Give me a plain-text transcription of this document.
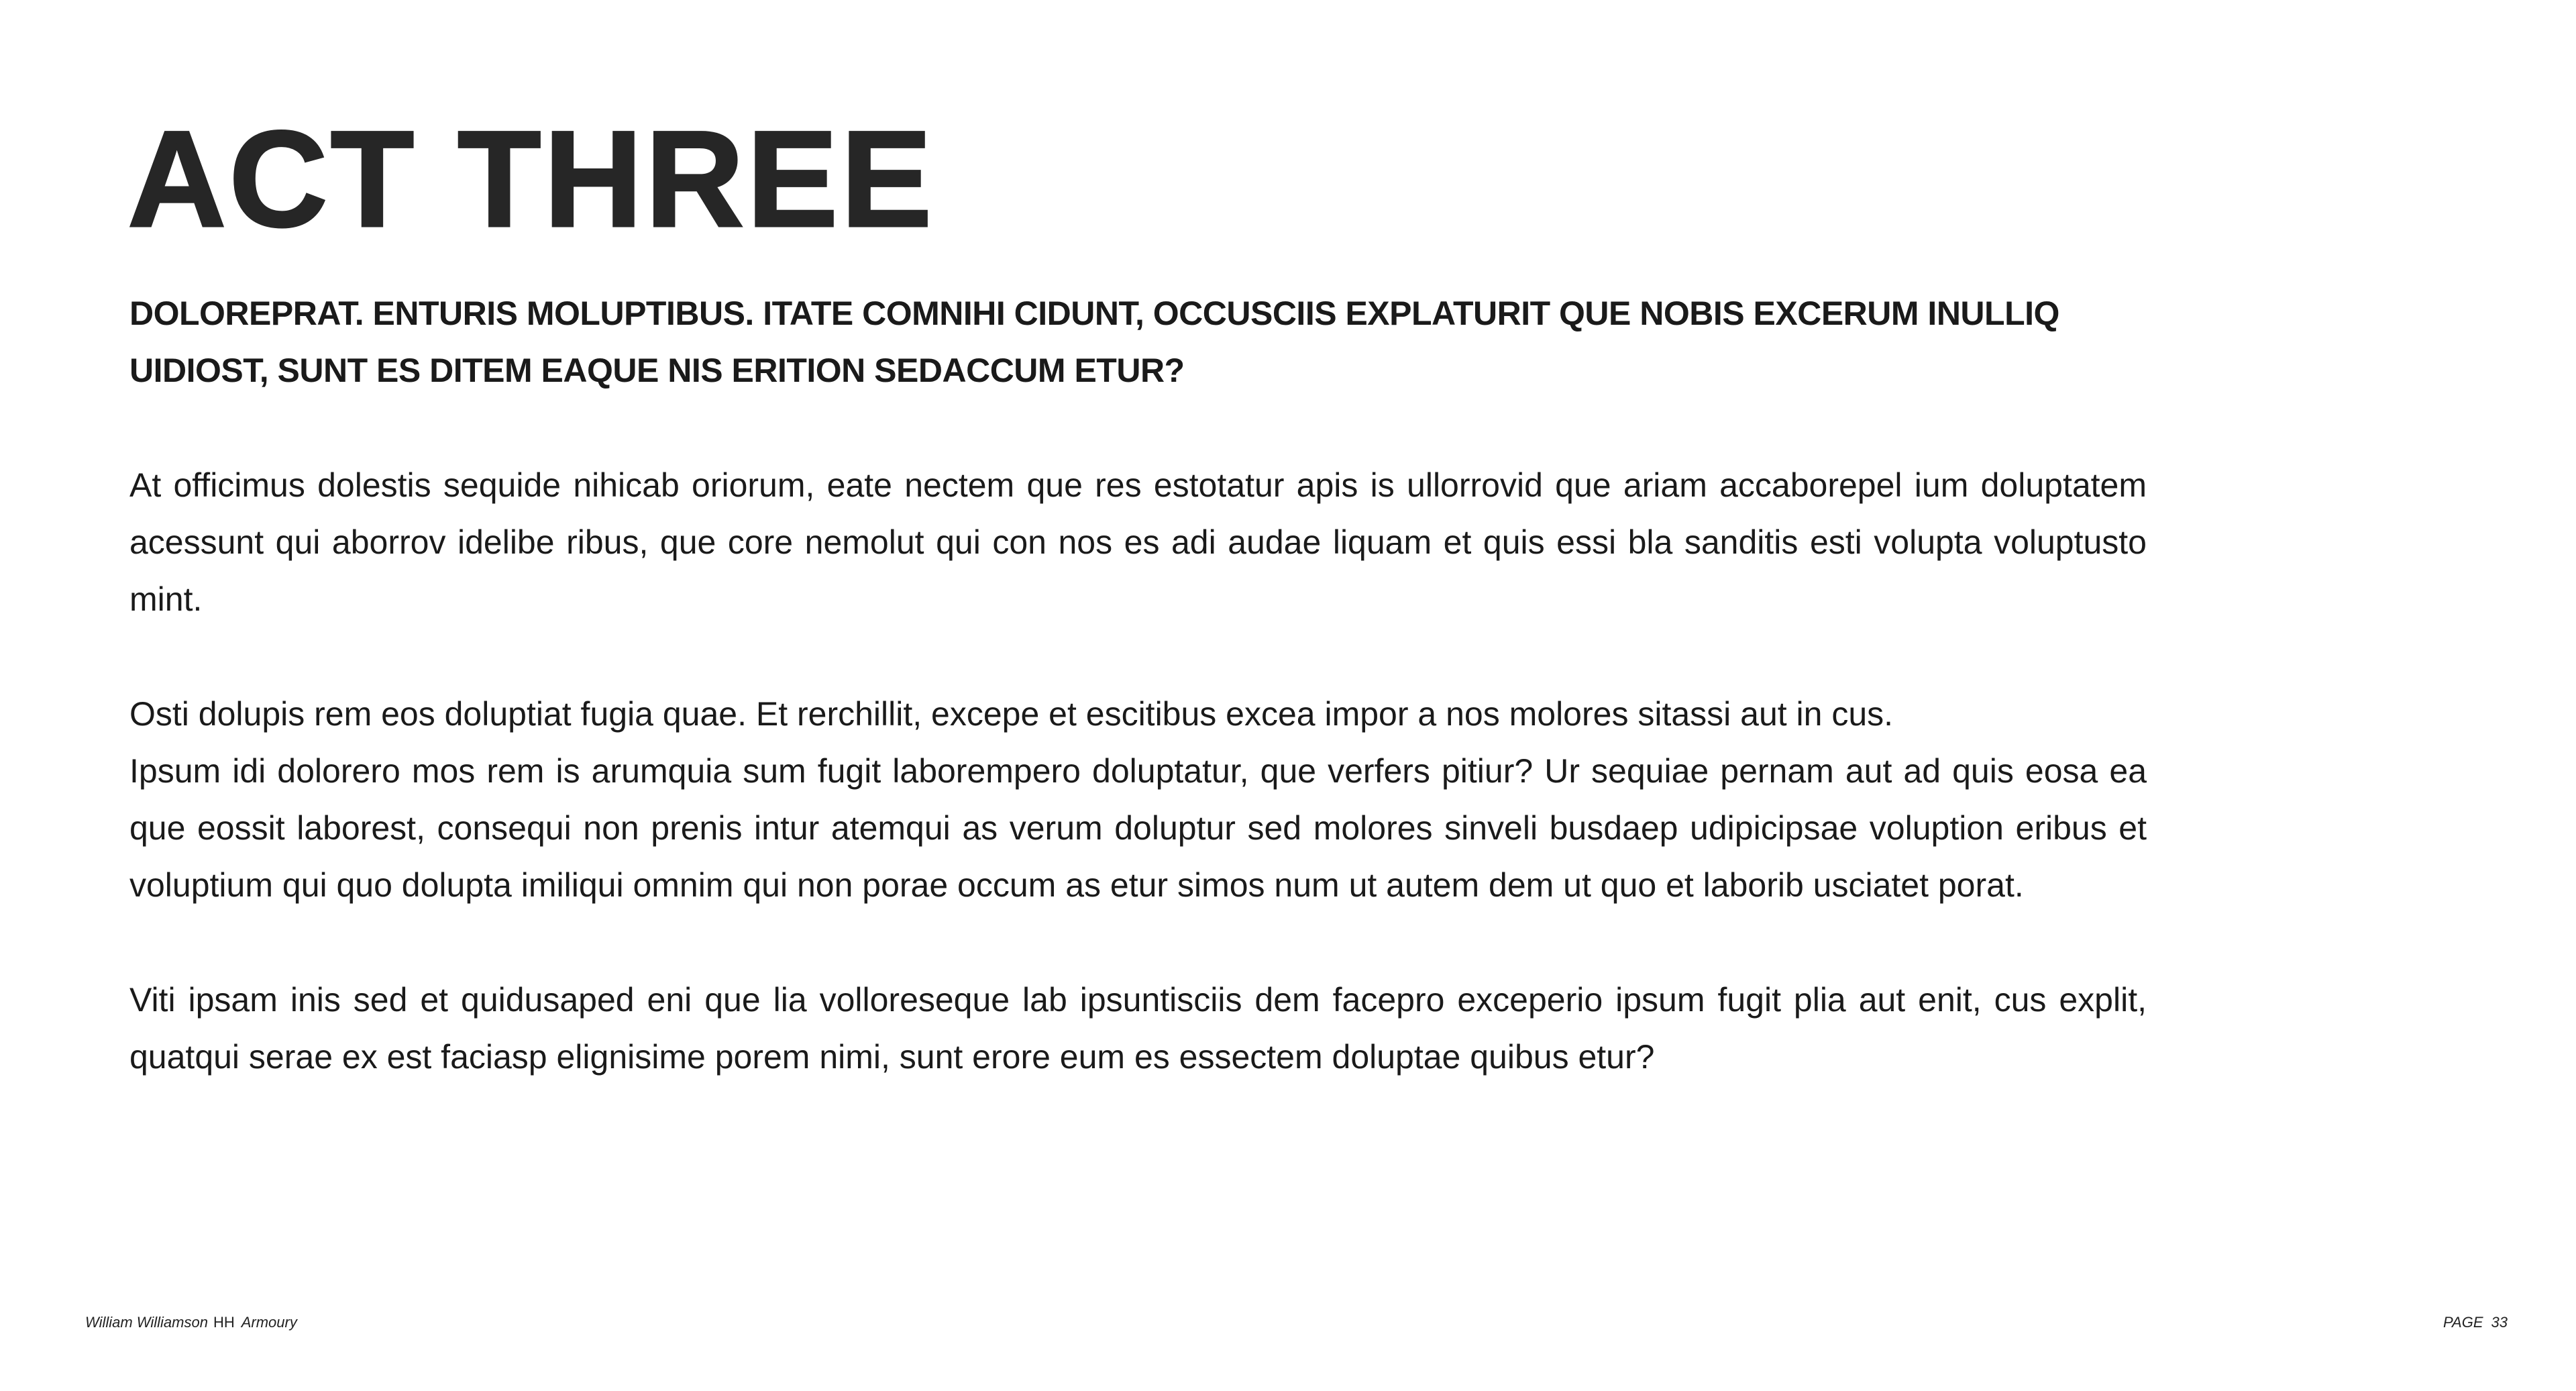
ACT THREE

DOLOREPRAT. ENTURIS MOLUPTIBUS. ITATE COMNIHI CIDUNT, OCCUSCIIS EXPLATURIT QUE NOBIS EXCERUM INULLIQ UIDIOST, SUNT ES DITEM EAQUE NIS ERITION SEDACCUM ETUR?

At officimus dolestis sequide nihicab oriorum, eate nectem que res estotatur apis is ullorrovid que ariam accaborepel ium doluptatem acessunt qui aborrov idelibe ribus, que core nemolut qui con nos es adi audae liquam et quis essi bla sanditis esti volupta voluptusto mint.

Osti dolupis rem eos doluptiat fugia quae. Et rerchillit, excepe et escitibus excea impor a nos molores sitassi aut in cus.

Ipsum idi dolorero mos rem is arumquia sum fugit laborempero doluptatur, que verfers pitiur? Ur sequiae pernam aut ad quis eosa ea que eossit laborest, consequi non prenis intur atemqui as verum doluptur sed molores sinveli busdaep udipicipsae voluption eribus et voluptium qui quo dolupta imiliqui omnim qui non porae occum as etur simos num ut autem dem ut quo et laborib usciatet porat.

Viti ipsam inis sed et quidusaped eni que lia volloreseque lab ipsuntisciis dem facepro exceperio ipsum fugit plia aut enit, cus explit, quatqui serae ex est faciasp elignisime porem nimi, sunt erore eum es essectem doluptae quibus etur?

William Williamson HH Armoury	PAGE 33
